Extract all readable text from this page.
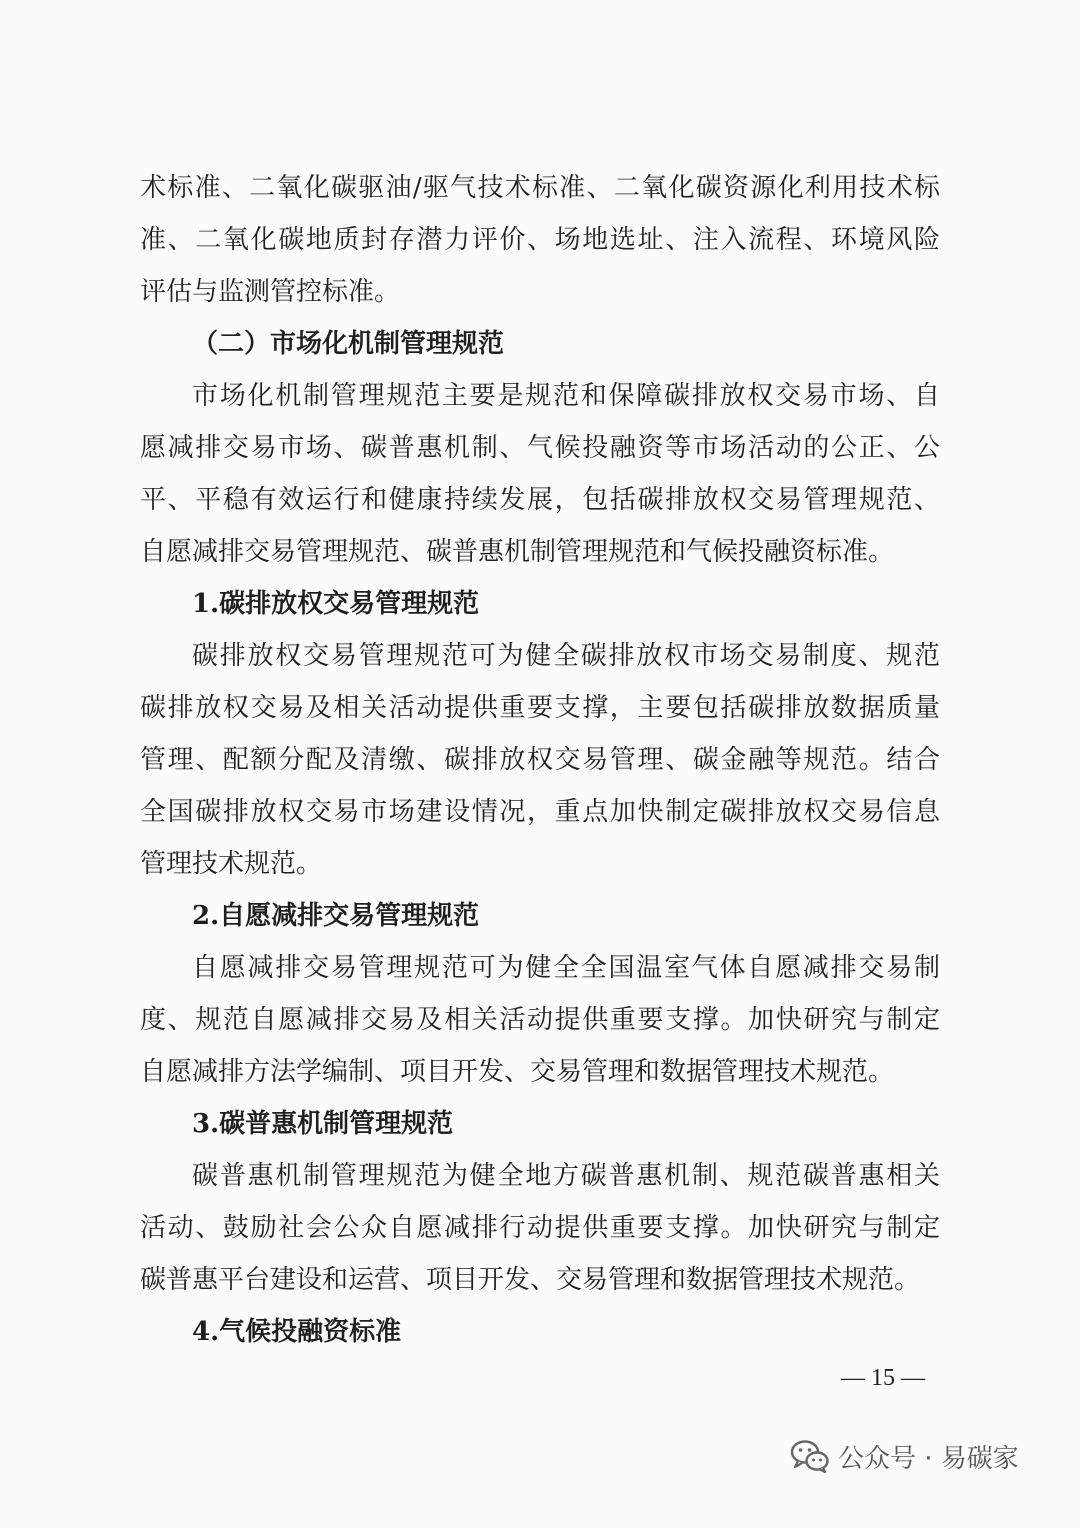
术标准、二氧化碳驱油/驱气技术标准、二氧化碳资源化利用技术标
准、二氧化碳地质封存潜力评价、场地选址、注入流程、环境风险
评估与监测管控标准。
（二）市场化机制管理规范
市场化机制管理规范主要是规范和保障碳排放权交易市场、自
愿减排交易市场、碳普惠机制、气候投融资等市场活动的公正、公
平、平稳有效运行和健康持续发展，包括碳排放权交易管理规范、
自愿减排交易管理规范、碳普惠机制管理规范和气候投融资标准。
1.碳排放权交易管理规范
碳排放权交易管理规范可为健全碳排放权市场交易制度、规范
碳排放权交易及相关活动提供重要支撑，主要包括碳排放数据质量
管理、配额分配及清缴、碳排放权交易管理、碳金融等规范。结合
全国碳排放权交易市场建设情况，重点加快制定碳排放权交易信息
管理技术规范。
2.自愿减排交易管理规范
自愿减排交易管理规范可为健全全国温室气体自愿减排交易制
度、规范自愿减排交易及相关活动提供重要支撑。加快研究与制定
自愿减排方法学编制、项目开发、交易管理和数据管理技术规范。
3.碳普惠机制管理规范
碳普惠机制管理规范为健全地方碳普惠机制、规范碳普惠相关
活动、鼓励社会公众自愿减排行动提供重要支撑。加快研究与制定
碳普惠平台建设和运营、项目开发、交易管理和数据管理技术规范。
4.气候投融资标准
— 15 —
公众号 · 易碳家
